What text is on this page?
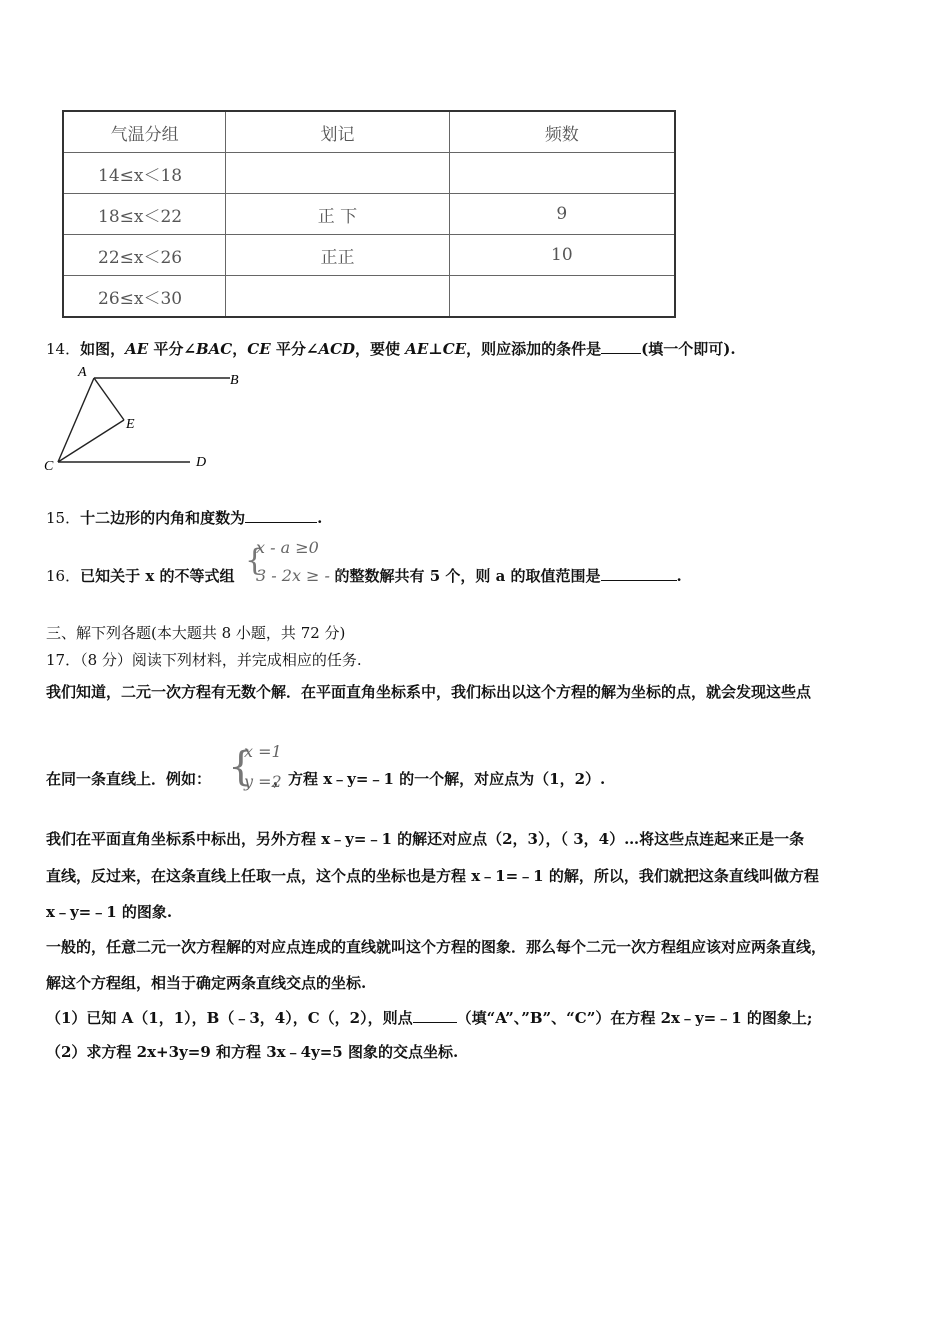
气温分组	划记	频数
14≤x＜18		
18≤x＜22	正 下	9
22≤x＜26	正正	10
26≤x＜30		
14．如图，AE 平分∠BAC，CE 平分∠ACD，要使 AE⊥CE，则应添加的条件是	(填一个即可).
A
B
C	D
E
15．十二边形的内角和度数为	.
16．已知关于 x 的不等式组	的整数解共有 5 个，则 a 的取值范围是	.
{
x - a ≥0
3 - 2x ≥ - 1
三、解下列各题(本大题共 8 小题，共 72 分)
17．（8 分）阅读下列材料，并完成相应的任务.
我们知道，二元一次方程有无数个解．在平面直角坐标系中，我们标出以这个方程的解为坐标的点，就会发现这些点
在同一条直线上．例如：	，方程 x﹣y=﹣1 的一个解，对应点为（1，2）.
{
x =1
y =2
我们在平面直角坐标系中标出，另外方程 x﹣y=﹣1 的解还对应点（2，3），（ 3，4）…将这些点连起来正是一条
直线，反过来，在这条直线上任取一点，这个点的坐标也是方程 x﹣1=﹣1 的解，所以，我们就把这条直线叫做方程
x﹣y=﹣1 的图象.
一般的，任意二元一次方程解的对应点连成的直线就叫这个方程的图象．那么每个二元一次方程组应该对应两条直线，
解这个方程组，相当于确定两条直线交点的坐标.
（1）已知 A（1，1），B（﹣3，4），C（，2），则点	（填“A”、”B”、“C”）在方程 2x﹣y=﹣1 的图象上;
（2）求方程 2x+3y=9 和方程 3x﹣4y=5 图象的交点坐标.
